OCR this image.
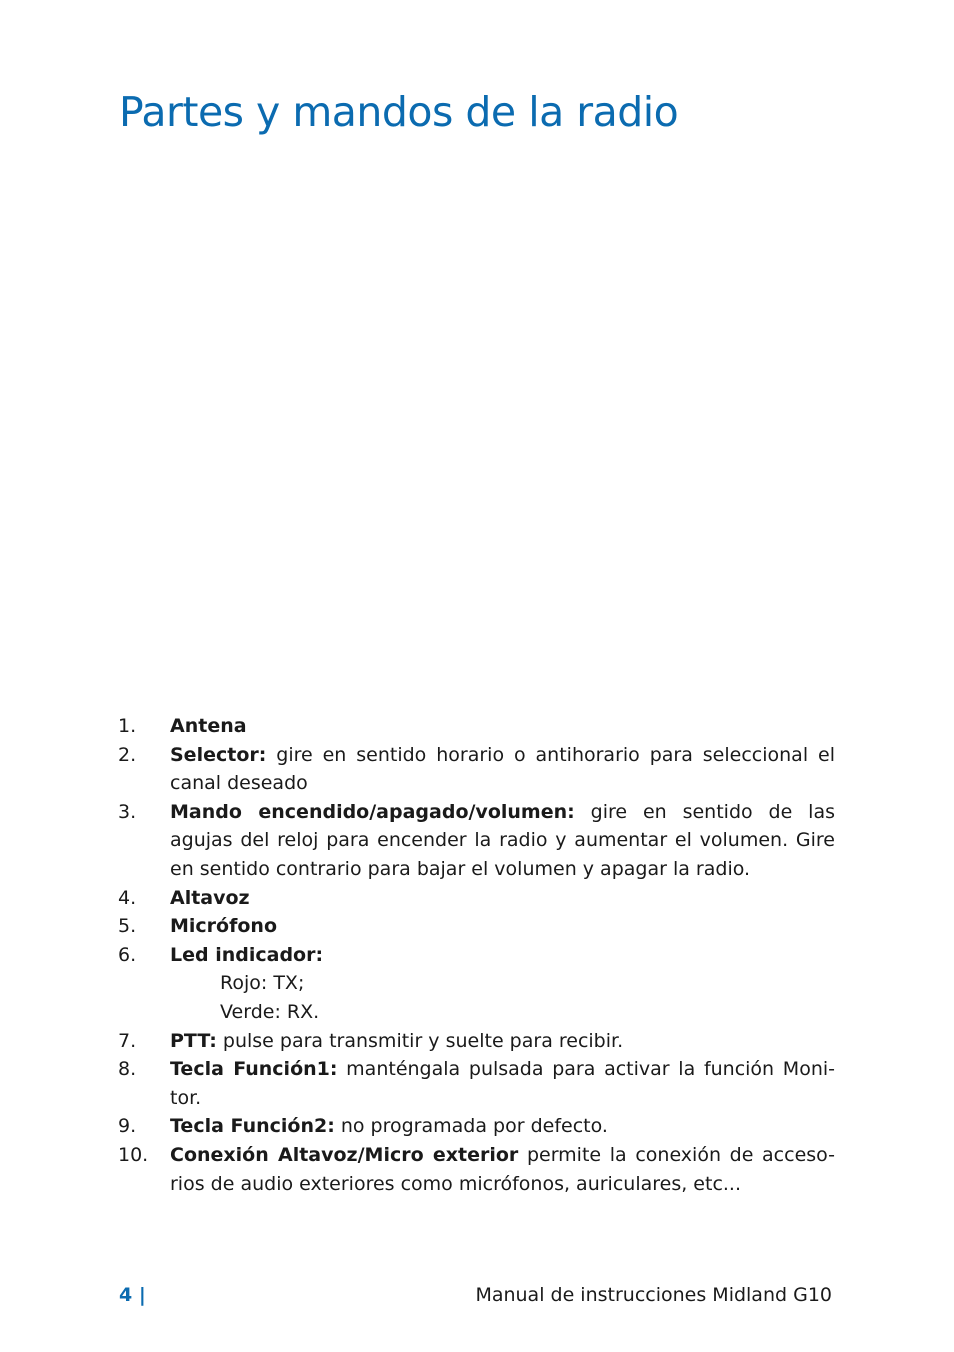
Partes y mandos de la radio
1. Antena
2. Selector: gire en sentido horario o antihorario para seleccional el canal deseado
3. Mando encendido/apagado/volumen: gire en sentido de las agujas del reloj para encender la radio y aumentar el volumen. Gire en sentido contrario para bajar el volumen y apagar la radio.
4. Altavoz
5. Micrófono
6. Led indicador:
Rojo: TX;
Verde: RX.
7. PTT: pulse para transmitir y suelte para recibir.
8. Tecla Función1: manténgala pulsada para activar la función Moni-tor.
9. Tecla Función2: no programada por defecto.
10. Conexión Altavoz/Micro exterior permite la conexión de acceso-rios de audio exteriores como micrófonos, auriculares, etc...
4 |	Manual de instrucciones Midland G10
